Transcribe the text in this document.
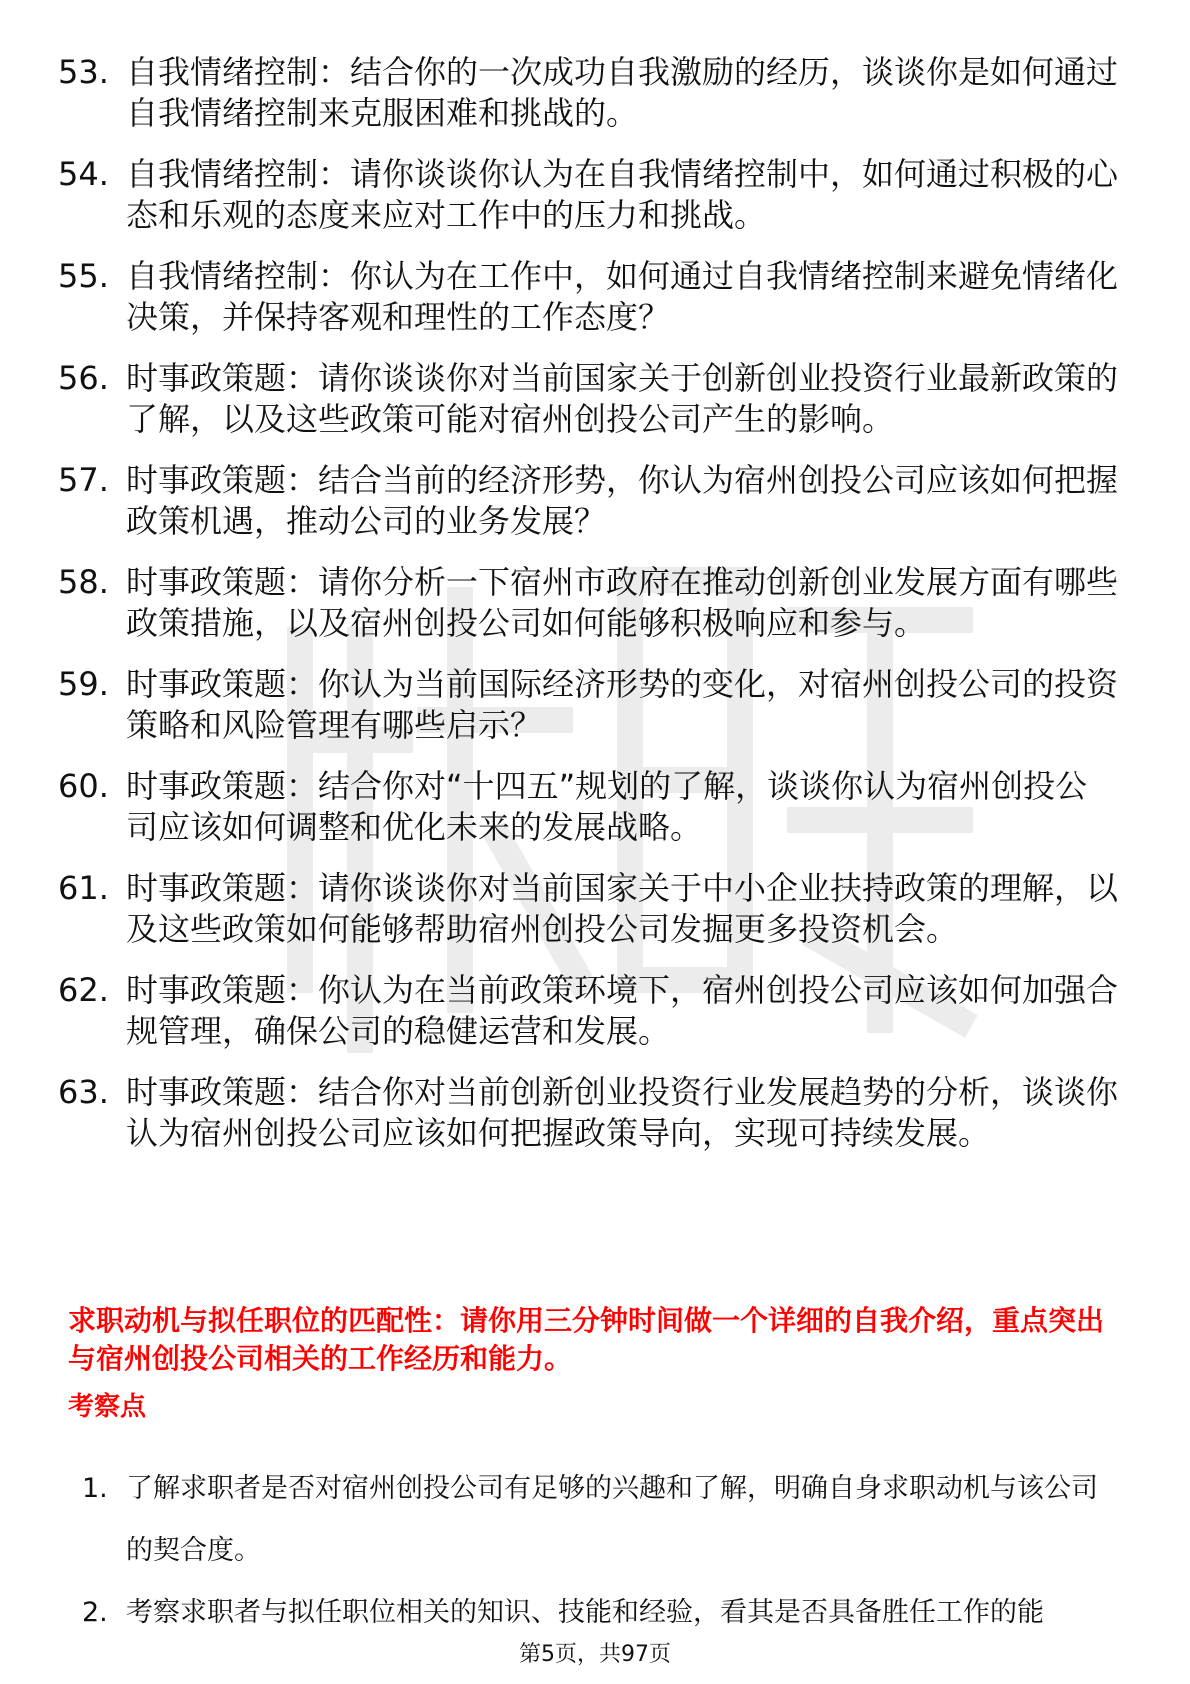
53. 自我情绪控制：结合你的一次成功自我激励的经历，谈谈你是如何通过自我情绪控制来克服困难和挑战的。
54. 自我情绪控制：请你谈谈你认为在自我情绪控制中，如何通过积极的心态和乐观的态度来应对工作中的压力和挑战。
55. 自我情绪控制：你认为在工作中，如何通过自我情绪控制来避免情绪化决策，并保持客观和理性的工作态度？
56. 时事政策题：请你谈谈你对当前国家关于创新创业投资行业最新政策的了解，以及这些政策可能对宿州创投公司产生的影响。
57. 时事政策题：结合当前的经济形势，你认为宿州创投公司应该如何把握政策机遇，推动公司的业务发展？
58. 时事政策题：请你分析一下宿州市政府在推动创新创业发展方面有哪些政策措施，以及宿州创投公司如何能够积极响应和参与。
59. 时事政策题：你认为当前国际经济形势的变化，对宿州创投公司的投资策略和风险管理有哪些启示？
60. 时事政策题：结合你对“十四五”规划的了解，谈谈你认为宿州创投公司应该如何调整和优化未来的发展战略。
61. 时事政策题：请你谈谈你对当前国家关于中小企业扶持政策的理解，以及这些政策如何能够帮助宿州创投公司发掘更多投资机会。
62. 时事政策题：你认为在当前政策环境下，宿州创投公司应该如何加强合规管理，确保公司的稳健运营和发展。
63. 时事政策题：结合你对当前创新创业投资行业发展趋势的分析，谈谈你认为宿州创投公司应该如何把握政策导向，实现可持续发展。

求职动机与拟任职位的匹配性：请你用三分钟时间做一个详细的自我介绍，重点突出与宿州创投公司相关的工作经历和能力。

考察点

1. 了解求职者是否对宿州创投公司有足够的兴趣和了解，明确自身求职动机与该公司的契合度。
2. 考察求职者与拟任职位相关的知识、技能和经验，看其是否具备胜任工作的能
第5页，共97页
